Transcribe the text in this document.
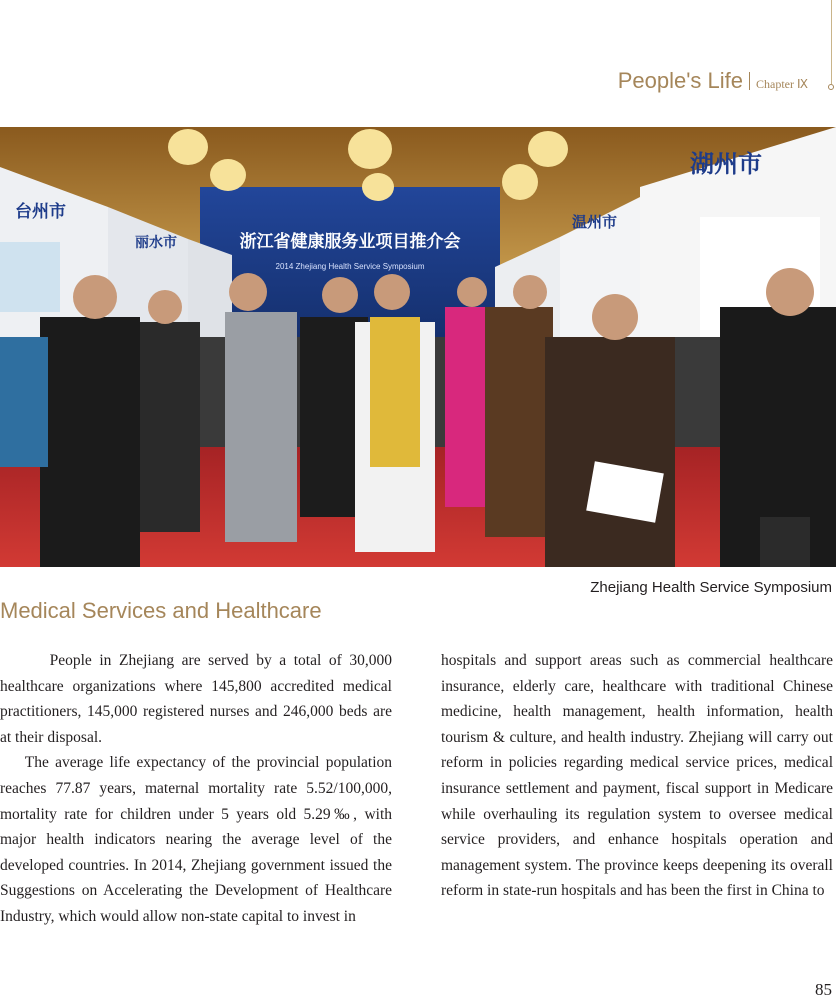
People's Life Chapter Ⅸ
浙江省健康服务业项目推介会
2014 Zhejiang Health Service Symposium
台州市
丽水市
温州市
湖州市
Zhejiang Health Service Symposium
Medical Services and Healthcare

People in Zhejiang are served by a total of 30,000 healthcare organizations where 145,800 accredited medical practitioners, 145,000 registered nurses and 246,000 beds are at their disposal.

The average life expectancy of the provincial population reaches 77.87 years, maternal mortality rate 5.52/100,000, mortality rate for children under 5 years old 5.29‰, with major health indicators nearing the average level of the developed countries. In 2014, Zhejiang government issued the Suggestions on Accelerating the Development of Healthcare Industry, which would allow non-state capital to invest in

hospitals and support areas such as commercial healthcare insurance, elderly care, healthcare with traditional Chinese medicine, health management, health information, health tourism & culture, and health industry. Zhejiang will carry out reform in policies regarding medical service prices, medical insurance settlement and payment, fiscal support in Medicare while overhauling its regulation system to oversee medical service providers, and enhance hospitals operation and management system. The province keeps deepening its overall reform in state-run hospitals and has been the first in China to

85
